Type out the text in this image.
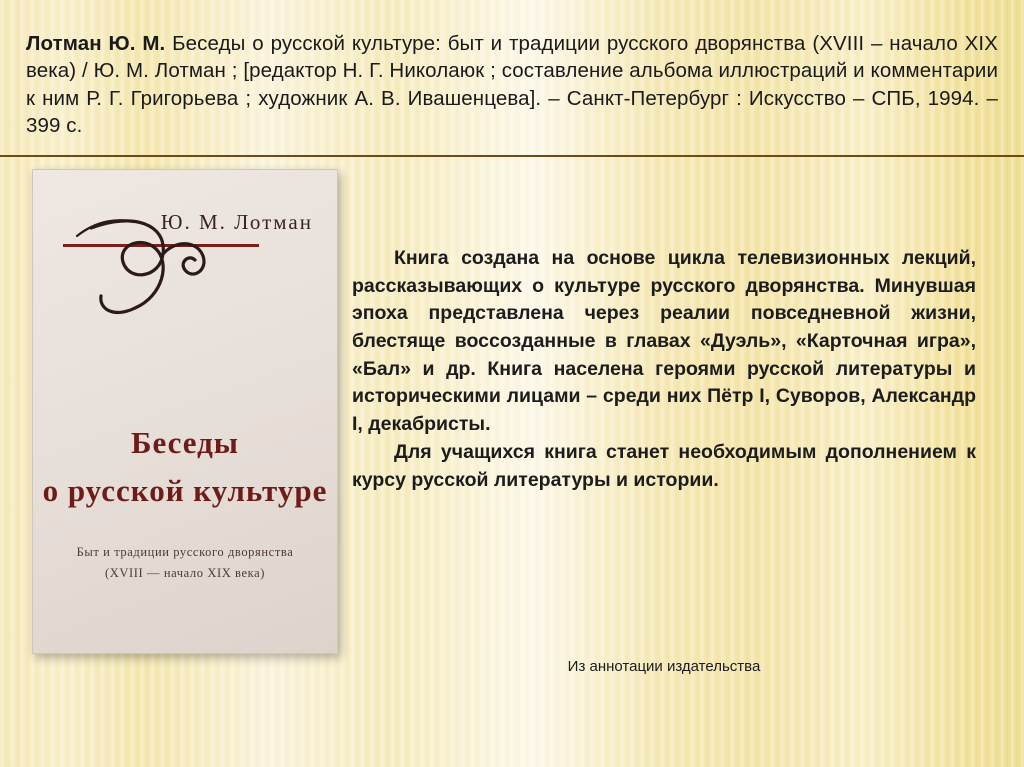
Лотман Ю. М. Беседы о русской культуре: быт и традиции русского дворянства (XVIII – начало XIX века) / Ю. М. Лотман ; [редактор Н. Г. Николаюк ; составление альбома иллюстраций и комментарии к ним Р. Г. Григорьева ; художник А. В. Ивашенцева]. – Санкт-Петербург : Искусство – СПБ, 1994. – 399 с.
Ю. М. Лотман
Беседы
о русской культуре
Быт и традиции русского дворянства
(XVIII — начало XIX века)

Книга создана на основе цикла телевизионных лекций, рассказывающих о культуре русского дворянства. Минувшая эпоха представлена через реалии повседневной жизни, блестяще воссозданные в главах «Дуэль», «Карточная игра», «Бал» и др. Книга населена героями русской литературы и историческими лицами – среди них Пётр I, Суворов, Александр I, декабристы.

Для учащихся книга станет необходимым дополнением к курсу русской литературы и истории.

Из аннотации издательства
